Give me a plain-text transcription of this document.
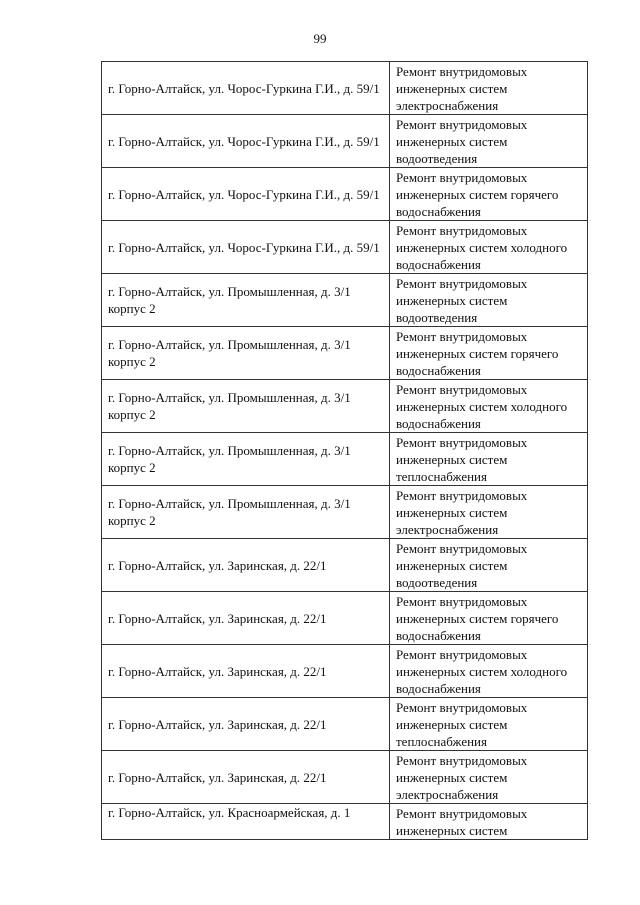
99
г. Горно-Алтайск, ул. Чорос-Гуркина Г.И., д. 59/1	Ремонт внутридомовых инженерных систем электроснабжения
г. Горно-Алтайск, ул. Чорос-Гуркина Г.И., д. 59/1	Ремонт внутридомовых инженерных систем водоотведения
г. Горно-Алтайск, ул. Чорос-Гуркина Г.И., д. 59/1	Ремонт внутридомовых инженерных систем горячего водоснабжения
г. Горно-Алтайск, ул. Чорос-Гуркина Г.И., д. 59/1	Ремонт внутридомовых инженерных систем холодного водоснабжения
г. Горно-Алтайск, ул. Промышленная, д. 3/1 корпус 2	Ремонт внутридомовых инженерных систем водоотведения
г. Горно-Алтайск, ул. Промышленная, д. 3/1 корпус 2	Ремонт внутридомовых инженерных систем горячего водоснабжения
г. Горно-Алтайск, ул. Промышленная, д. 3/1 корпус 2	Ремонт внутридомовых инженерных систем холодного водоснабжения
г. Горно-Алтайск, ул. Промышленная, д. 3/1 корпус 2	Ремонт внутридомовых инженерных систем теплоснабжения
г. Горно-Алтайск, ул. Промышленная, д. 3/1 корпус 2	Ремонт внутридомовых инженерных систем электроснабжения
г. Горно-Алтайск, ул. Заринская, д. 22/1	Ремонт внутридомовых инженерных систем водоотведения
г. Горно-Алтайск, ул. Заринская, д. 22/1	Ремонт внутридомовых инженерных систем горячего водоснабжения
г. Горно-Алтайск, ул. Заринская, д. 22/1	Ремонт внутридомовых инженерных систем холодного водоснабжения
г. Горно-Алтайск, ул. Заринская, д. 22/1	Ремонт внутридомовых инженерных систем теплоснабжения
г. Горно-Алтайск, ул. Заринская, д. 22/1	Ремонт внутридомовых инженерных систем электроснабжения
г. Горно-Алтайск, ул. Красноармейская, д. 1	Ремонт внутридомовых инженерных систем
